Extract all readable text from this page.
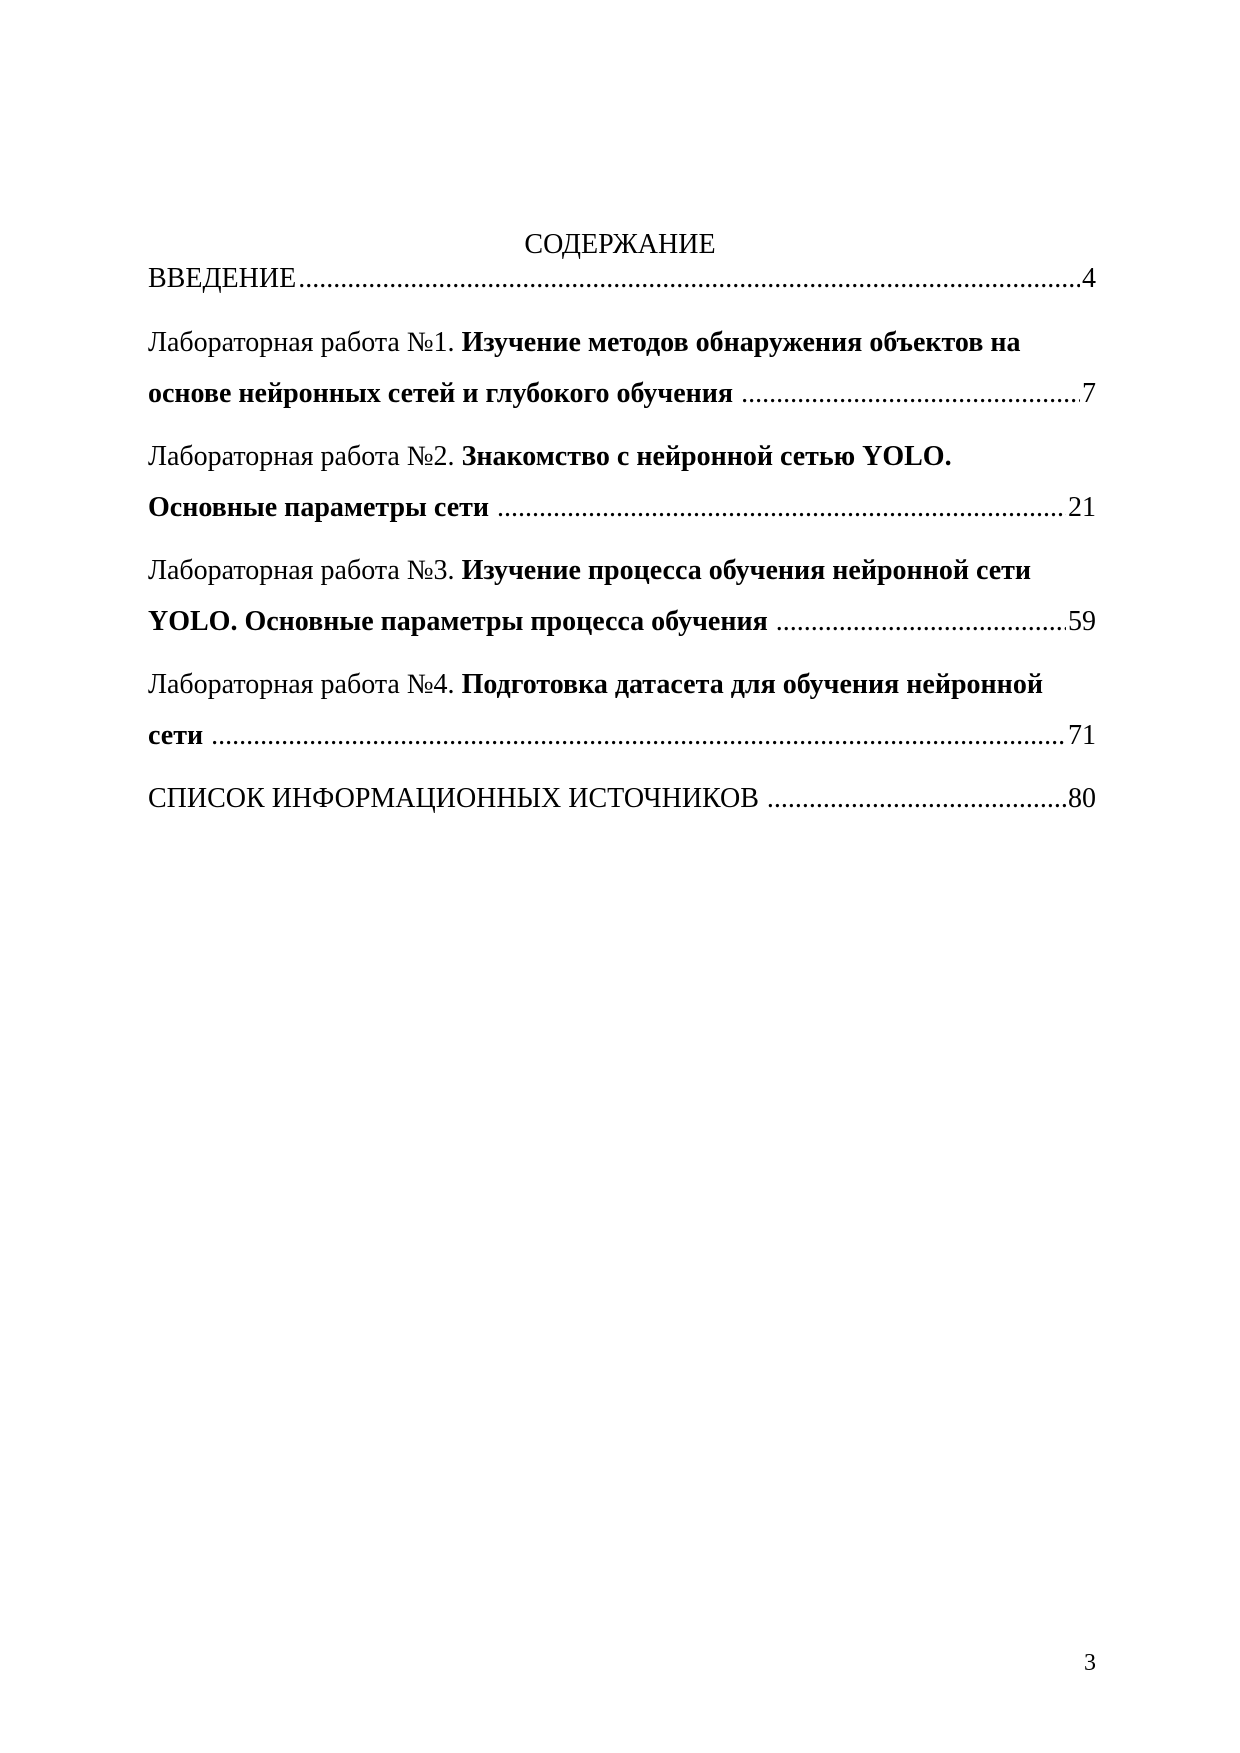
СОДЕРЖАНИЕ
ВВЕДЕНИЕ .....	4
Лабораторная работа №1.
Изучение методов обнаружения объектов на
основе нейронных сетей и глубокого обучения .....	7
Лабораторная работа №2.
Знакомство с нейронной сетью YOLO.
Основные параметры сети .....	21
Лабораторная работа №3.
Изучение процесса обучения нейронной сети
YOLO. Основные параметры процесса обучения .....	59
Лабораторная работа №4.
Подготовка датасета для обучения нейронной
сети .....	71
СПИСОК ИНФОРМАЦИОННЫХ ИСТОЧНИКОВ .....	80
3
